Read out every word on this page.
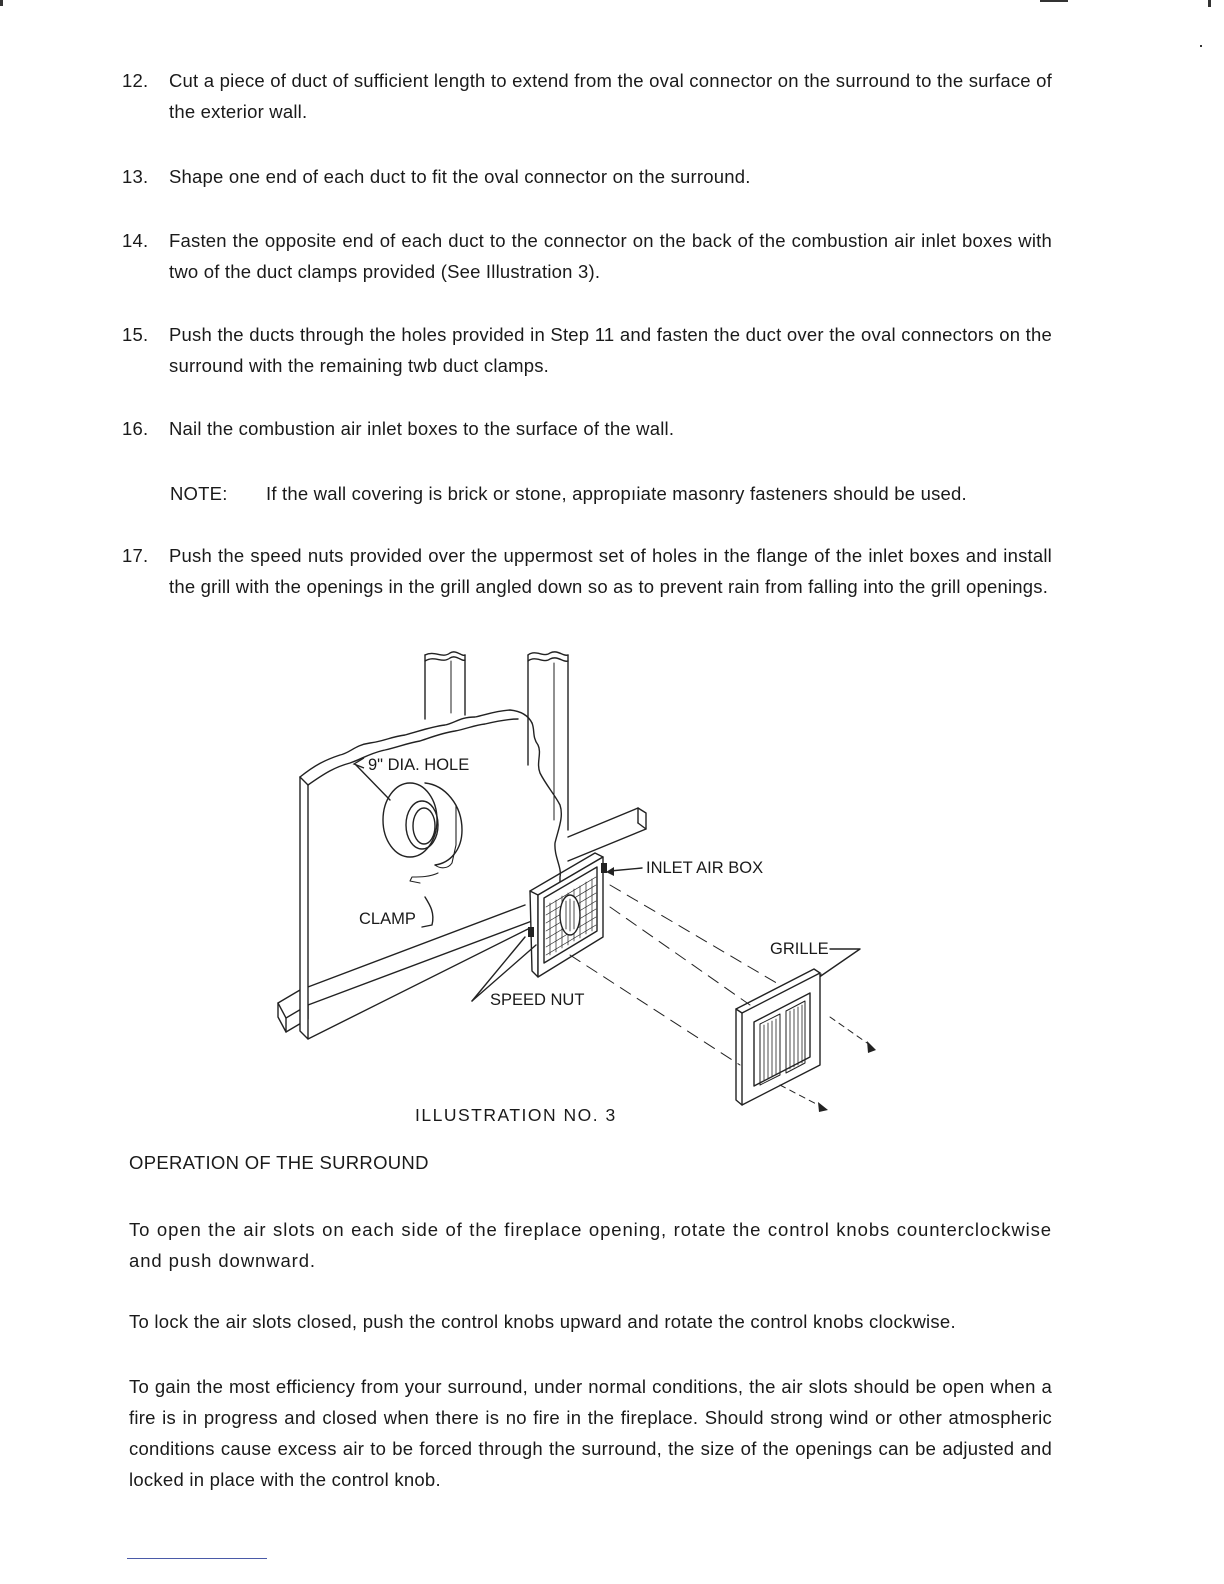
12.	Cut a piece of duct of sufficient length to extend from the oval connector on the surround to the surface of the exterior wall.
13.	Shape one end of each duct to fit the oval connector on the surround.
14.	Fasten the opposite end of each duct to the connector on the back of the combustion air inlet boxes with two of the duct clamps provided (See Illustration 3).
15.	Push the ducts through the holes provided in Step 11 and fasten the duct over the oval connectors on the surround with the remaining twb duct clamps.
16.	Nail the combustion air inlet boxes to the surface of the wall.
NOTE: If the wall covering is brick or stone, appropıiate masonry fasteners should be used.
17.	Push the speed nuts provided over the uppermost set of holes in the flange of the inlet boxes and install the grill with the openings in the grill angled down so as to prevent rain from falling into the grill openings.
9" DIA. HOLE
CLAMP
INLET AIR BOX
GRILLE
SPEED NUT
ILLUSTRATION NO. 3
OPERATION OF THE SURROUND
To open the air slots on each side of the fireplace opening, rotate the control knobs counterclockwise and push downward.
To lock the air slots closed, push the control knobs upward and rotate the control knobs clockwise.
To gain the most efficiency from your surround, under normal conditions, the air slots should be open when a fire is in progress and closed when there is no fire in the fireplace. Should strong wind or other atmospheric conditions cause excess air to be forced through the surround, the size of the openings can be adjusted and locked in place with the control knob.
